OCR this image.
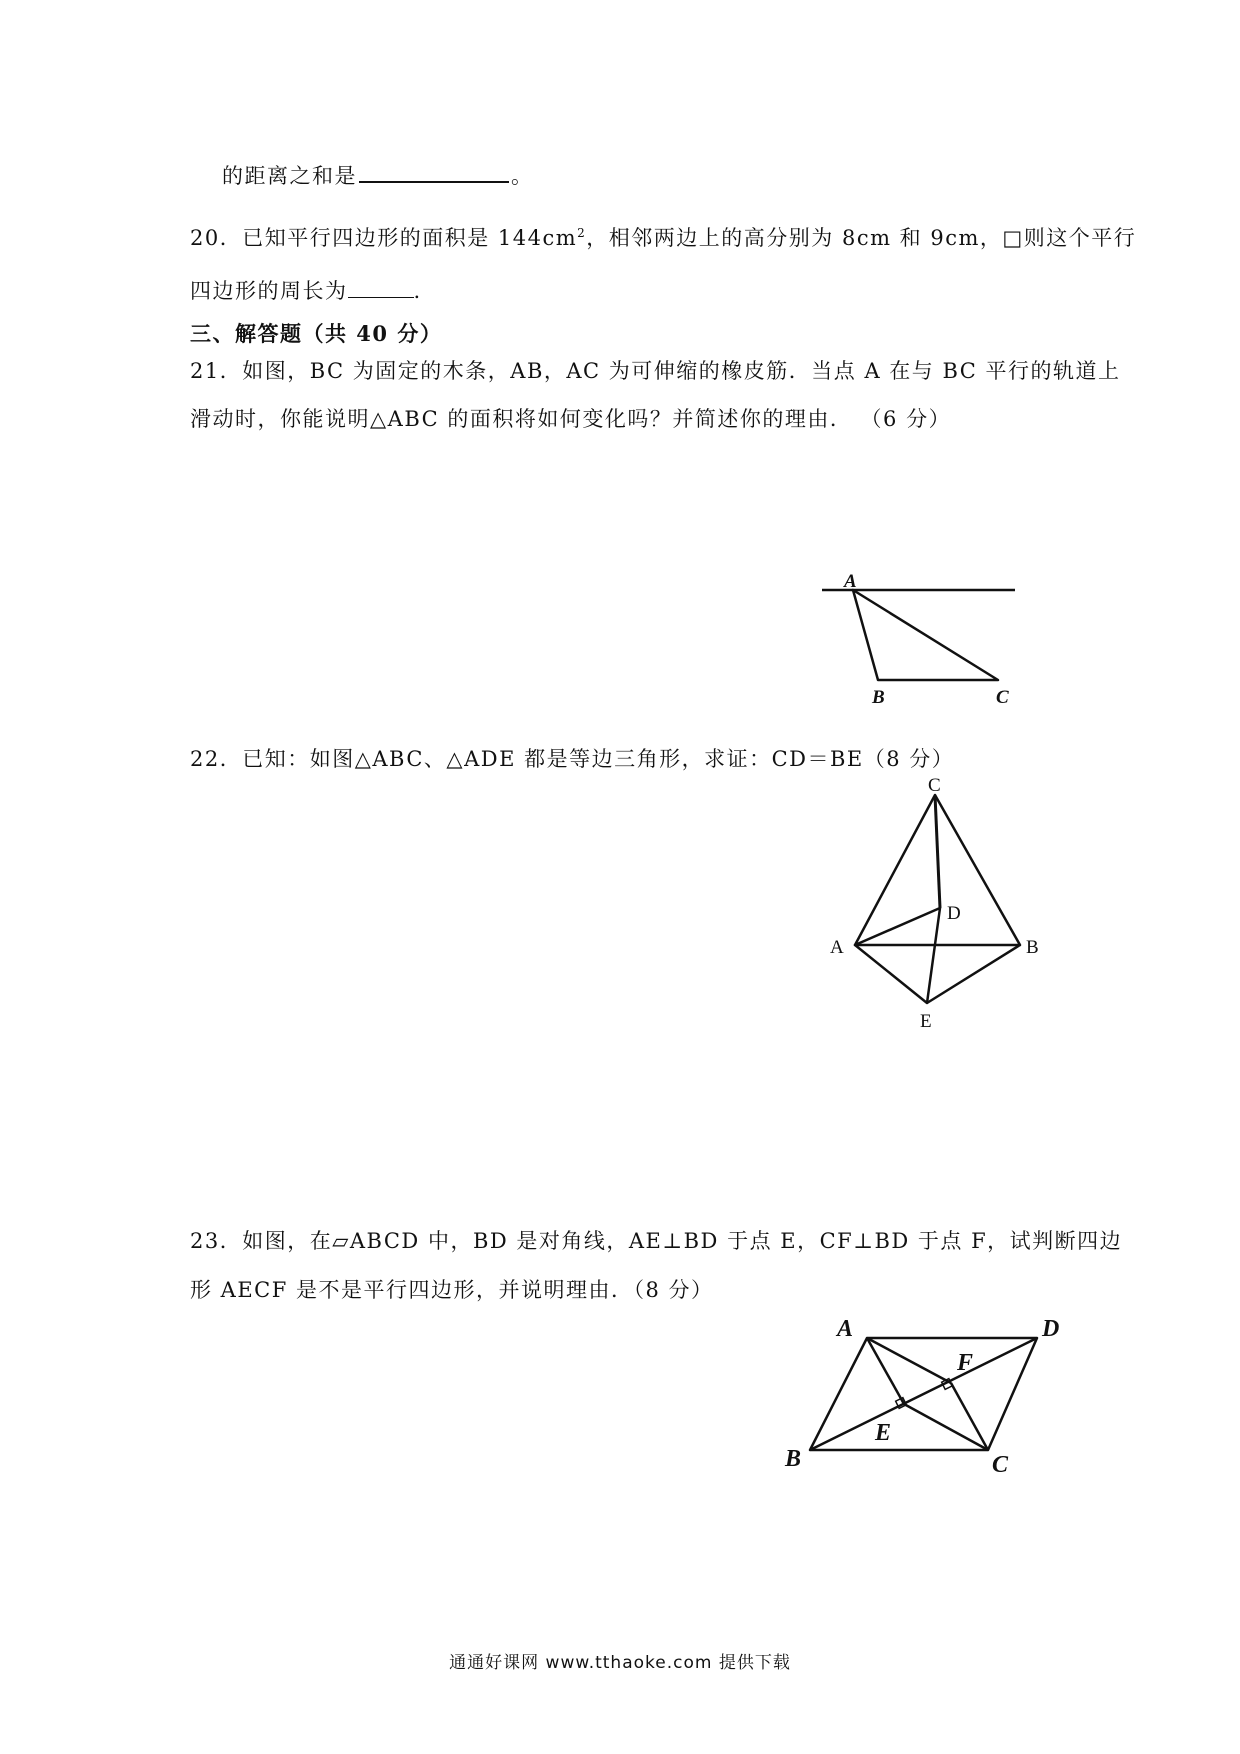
的距离之和是	。
20．已知平行四边形的面积是 $144cm^2$，相邻两边上的高分别为 8cm 和 9cm，□则这个平行
四边形的周长为	.
三、解答题（共 40 分）
21．如图，BC 为固定的木条，AB，AC 为可伸缩的橡皮筋．当点 A 在与 BC 平行的轨道上
滑动时，你能说明△ABC 的面积将如何变化吗？并简述你的理由． （6 分）
A
B	C
22．已知：如图△ABC、△ADE 都是等边三角形，求证：CD＝BE（8 分）
C
D
A	B
E
23．如图，在▱ABCD 中，BD 是对角线，AE⊥BD 于点 E，CF⊥BD 于点 F，试判断四边
形 AECF 是不是平行四边形，并说明理由．（8 分）
A	D
F
E
B	C
通通好课网 www.tthaoke.com 提供下载
